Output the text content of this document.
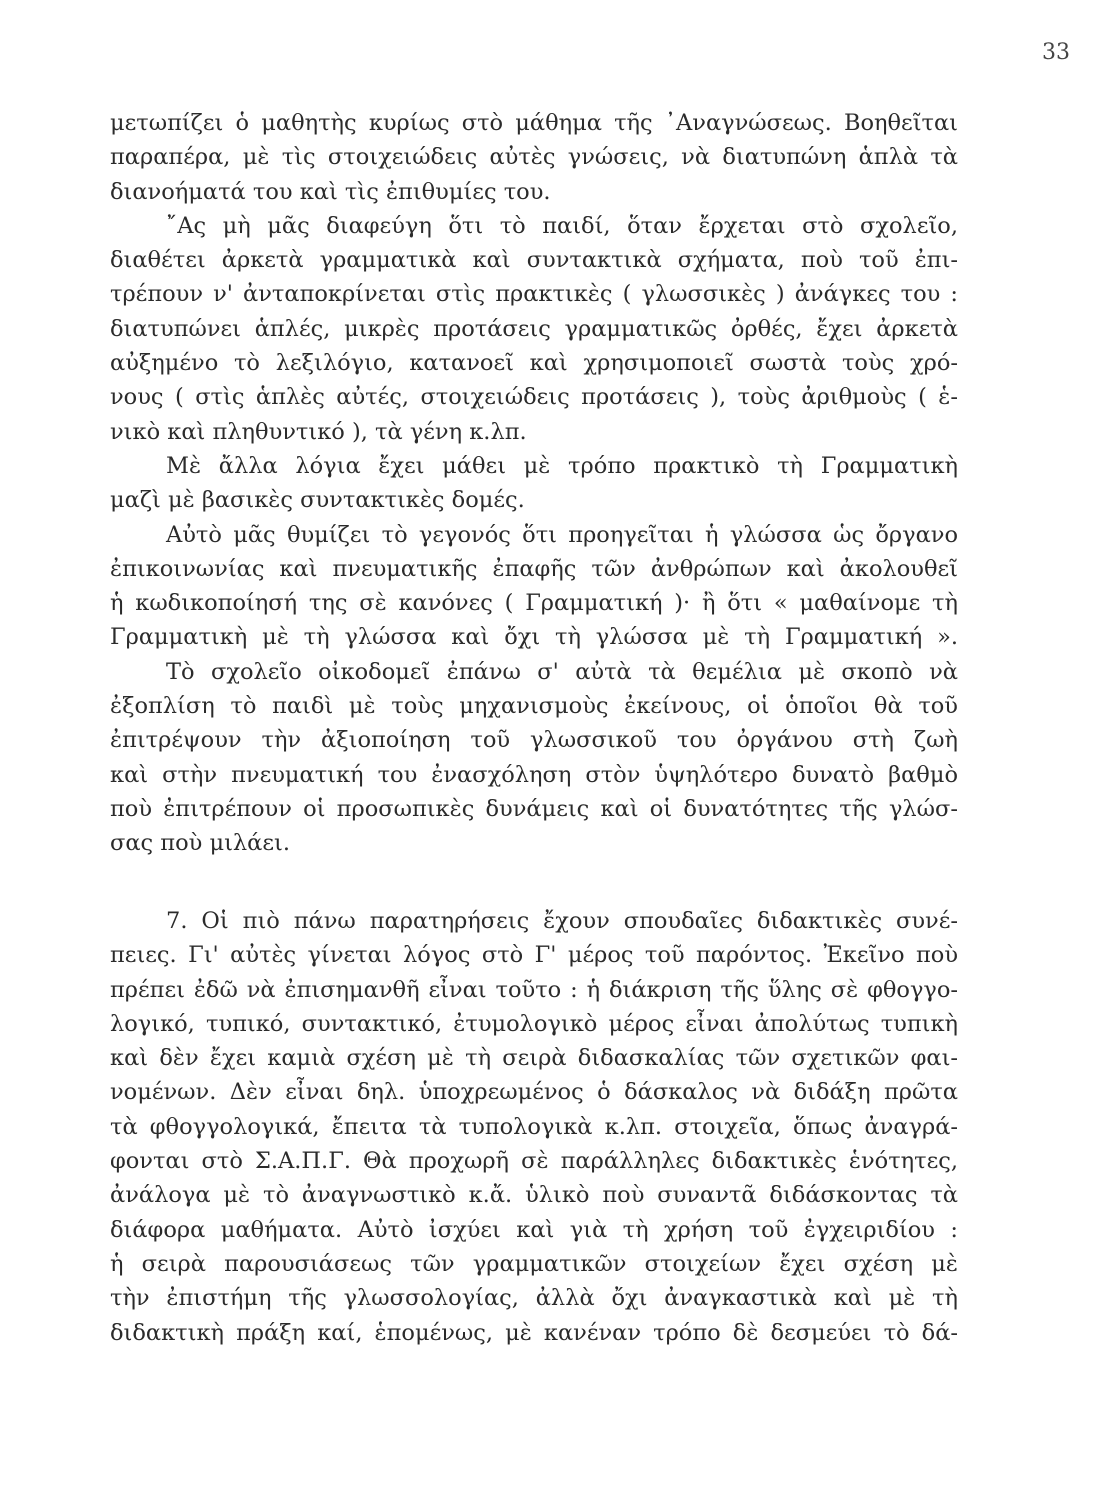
33
μετωπίζει ὁ μαθητὴς κυρίως στὸ μάθημα τῆς ᾿Αναγνώσεως. Βοηθεῖται
παραπέρα, μὲ τὶς στοιχειώδεις αὐτὲς γνώσεις, νὰ διατυπώνη ἁπλὰ τὰ
διανοήματά του καὶ τὶς ἐπιθυμίες του.
῎Ας μὴ μᾶς διαφεύγη ὅτι τὸ παιδί, ὅταν ἔρχεται στὸ σχολεῖο,
διαθέτει ἀρκετὰ γραμματικὰ καὶ συντακτικὰ σχήματα, ποὺ τοῦ ἐπι-
τρέπουν ν' ἀνταποκρίνεται στὶς πρακτικὲς ( γλωσσικὲς ) ἀνάγκες του :
διατυπώνει ἁπλές, μικρὲς προτάσεις γραμματικῶς ὀρθές, ἔχει ἀρκετὰ
αὐξημένο τὸ λεξιλόγιο, κατανοεῖ καὶ χρησιμοποιεῖ σωστὰ τοὺς χρό-
νους ( στὶς ἁπλὲς αὐτές, στοιχειώδεις προτάσεις ), τοὺς ἀριθμοὺς ( ἑ-
νικὸ καὶ πληθυντικό ), τὰ γένη κ.λπ.
Μὲ ἄλλα λόγια ἔχει μάθει μὲ τρόπο πρακτικὸ τὴ Γραμματικὴ
μαζὶ μὲ βασικὲς συντακτικὲς δομές.
Αὐτὸ μᾶς θυμίζει τὸ γεγονός ὅτι προηγεῖται ἡ γλώσσα ὡς ὄργανο
ἐπικοινωνίας καὶ πνευματικῆς ἐπαφῆς τῶν ἀνθρώπων καὶ ἀκολουθεῖ
ἡ κωδικοποίησή της σὲ κανόνες ( Γραμματική )· ἢ ὅτι « μαθαίνομε τὴ
Γραμματικὴ μὲ τὴ γλώσσα καὶ ὄχι τὴ γλώσσα μὲ τὴ Γραμματική ».
Τὸ σχολεῖο οἰκοδομεῖ ἐπάνω σ' αὐτὰ τὰ θεμέλια μὲ σκοπὸ νὰ
ἐξοπλίση τὸ παιδὶ μὲ τοὺς μηχανισμοὺς ἐκείνους, οἱ ὁποῖοι θὰ τοῦ
ἐπιτρέψουν τὴν ἀξιοποίηση τοῦ γλωσσικοῦ του ὀργάνου στὴ ζωὴ
καὶ στὴν πνευματική του ἐνασχόληση στὸν ὑψηλότερο δυνατὸ βαθμὸ
ποὺ ἐπιτρέπουν οἱ προσωπικὲς δυνάμεις καὶ οἱ δυνατότητες τῆς γλώσ-
σας ποὺ μιλάει.
7. Οἱ πιὸ πάνω παρατηρήσεις ἔχουν σπουδαῖες διδακτικὲς συνέ-
πειες. Γι' αὐτὲς γίνεται λόγος στὸ Γ' μέρος τοῦ παρόντος. Ἐκεῖνο ποὺ
πρέπει ἐδῶ νὰ ἐπισημανθῆ εἶναι τοῦτο : ἡ διάκριση τῆς ὕλης σὲ φθογγο-
λογικό, τυπικό, συντακτικό, ἐτυμολογικὸ μέρος εἶναι ἀπολύτως τυπικὴ
καὶ δὲν ἔχει καμιὰ σχέση μὲ τὴ σειρὰ διδασκαλίας τῶν σχετικῶν φαι-
νομένων. Δὲν εἶναι δηλ. ὑποχρεωμένος ὁ δάσκαλος νὰ διδάξη πρῶτα
τὰ φθογγολογικά, ἔπειτα τὰ τυπολογικὰ κ.λπ. στοιχεῖα, ὅπως ἀναγρά-
φονται στὸ Σ.Α.Π.Γ. Θὰ προχωρῆ σὲ παράλληλες διδακτικὲς ἑνότητες,
ἀνάλογα μὲ τὸ ἀναγνωστικὸ κ.ἄ. ὑλικὸ ποὺ συναντᾶ διδάσκοντας τὰ
διάφορα μαθήματα. Αὐτὸ ἰσχύει καὶ γιὰ τὴ χρήση τοῦ ἐγχειριδίου :
ἡ σειρὰ παρουσιάσεως τῶν γραμματικῶν στοιχείων ἔχει σχέση μὲ
τὴν ἐπιστήμη τῆς γλωσσολογίας, ἀλλὰ ὄχι ἀναγκαστικὰ καὶ μὲ τὴ
διδακτικὴ πράξη καί, ἑπομένως, μὲ κανέναν τρόπο δὲ δεσμεύει τὸ δά-
